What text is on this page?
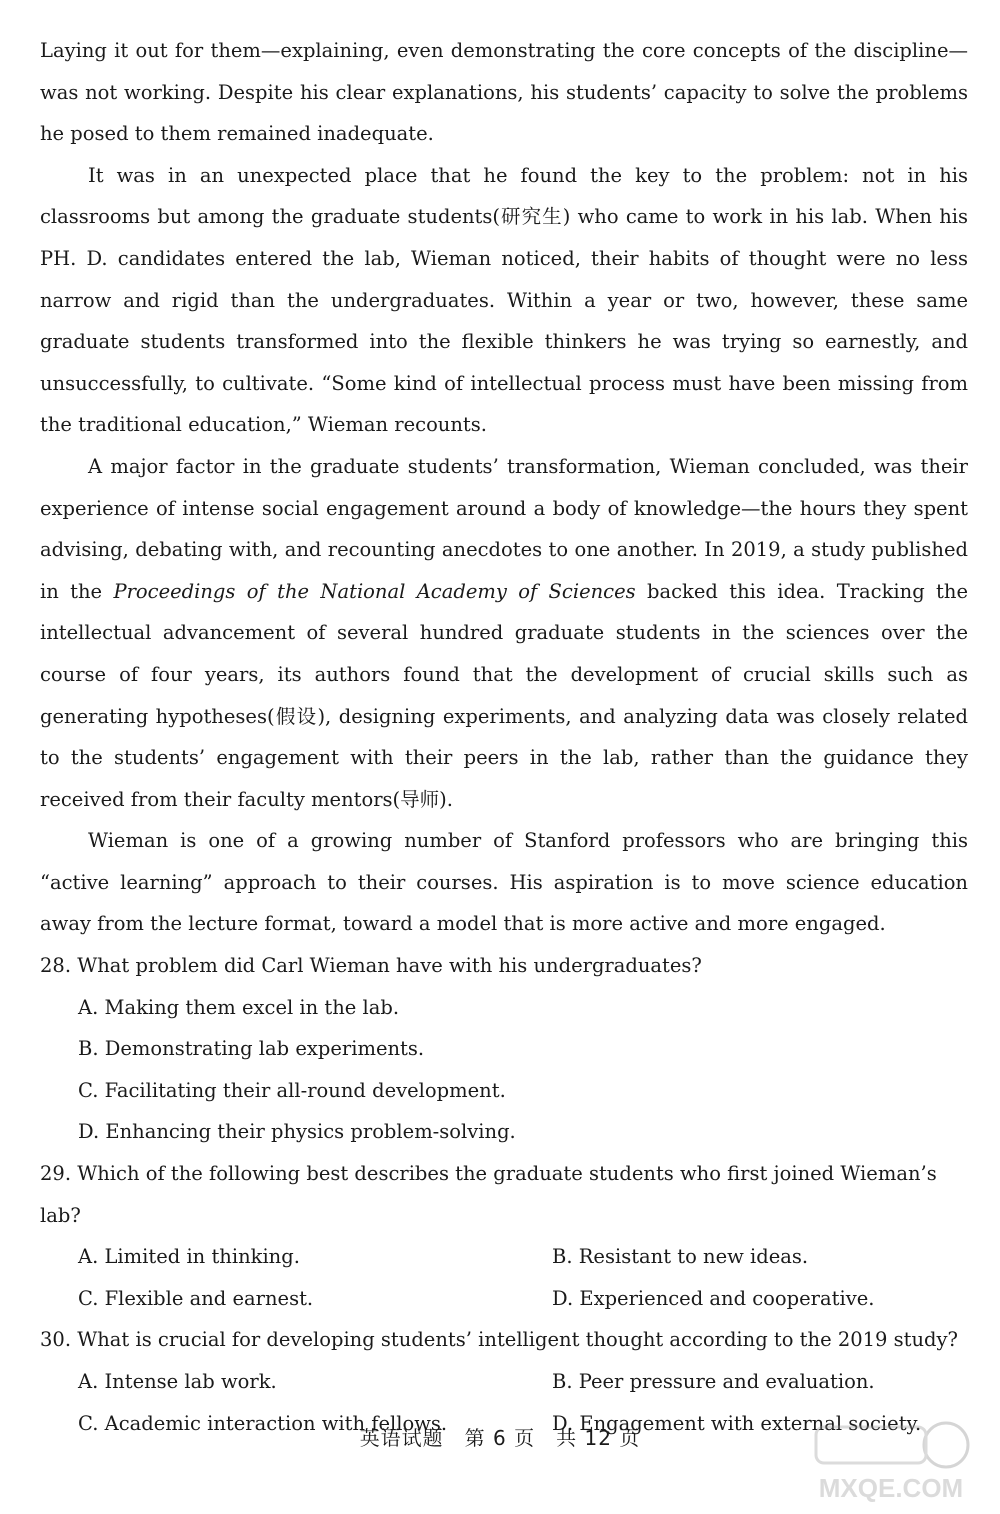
Laying it out for them—explaining, even demonstrating the core concepts of the discipline—was not working. Despite his clear explanations, his students’ capacity to solve the problems he posed to them remained inadequate.

It was in an unexpected place that he found the key to the problem: not in his classrooms but among the graduate students(研究生) who came to work in his lab. When his PH. D. candidates entered the lab, Wieman noticed, their habits of thought were no less narrow and rigid than the undergraduates. Within a year or two, however, these same graduate students transformed into the flexible thinkers he was trying so earnestly, and unsuccessfully, to cultivate. “Some kind of intellectual process must have been missing from the traditional education,” Wieman recounts.

A major factor in the graduate students’ transformation, Wieman concluded, was their experience of intense social engagement around a body of knowledge—the hours they spent advising, debating with, and recounting anecdotes to one another. In 2019, a study published in the Proceedings of the National Academy of Sciences backed this idea. Tracking the intellectual advancement of several hundred graduate students in the sciences over the course of four years, its authors found that the development of crucial skills such as generating hypotheses(假设), designing experiments, and analyzing data was closely related to the students’ engagement with their peers in the lab, rather than the guidance they received from their faculty mentors(导师).

Wieman is one of a growing number of Stanford professors who are bringing this “active learning” approach to their courses. His aspiration is to move science education away from the lecture format, toward a model that is more active and more engaged.

28. What problem did Carl Wieman have with his undergraduates?

A. Making them excel in the lab.

B. Demonstrating lab experiments.

C. Facilitating their all-round development.

D. Enhancing their physics problem-solving.

29. Which of the following best describes the graduate students who first joined Wieman’s lab?

A. Limited in thinking.	B. Resistant to new ideas.
C. Flexible and earnest.	D. Experienced and cooperative.

30. What is crucial for developing students’ intelligent thought according to the 2019 study?

A. Intense lab work.	B. Peer pressure and evaluation.
C. Academic interaction with fellows.	D. Engagement with external society.
英语试题　第 6 页　共 12 页
MXQE.COM
